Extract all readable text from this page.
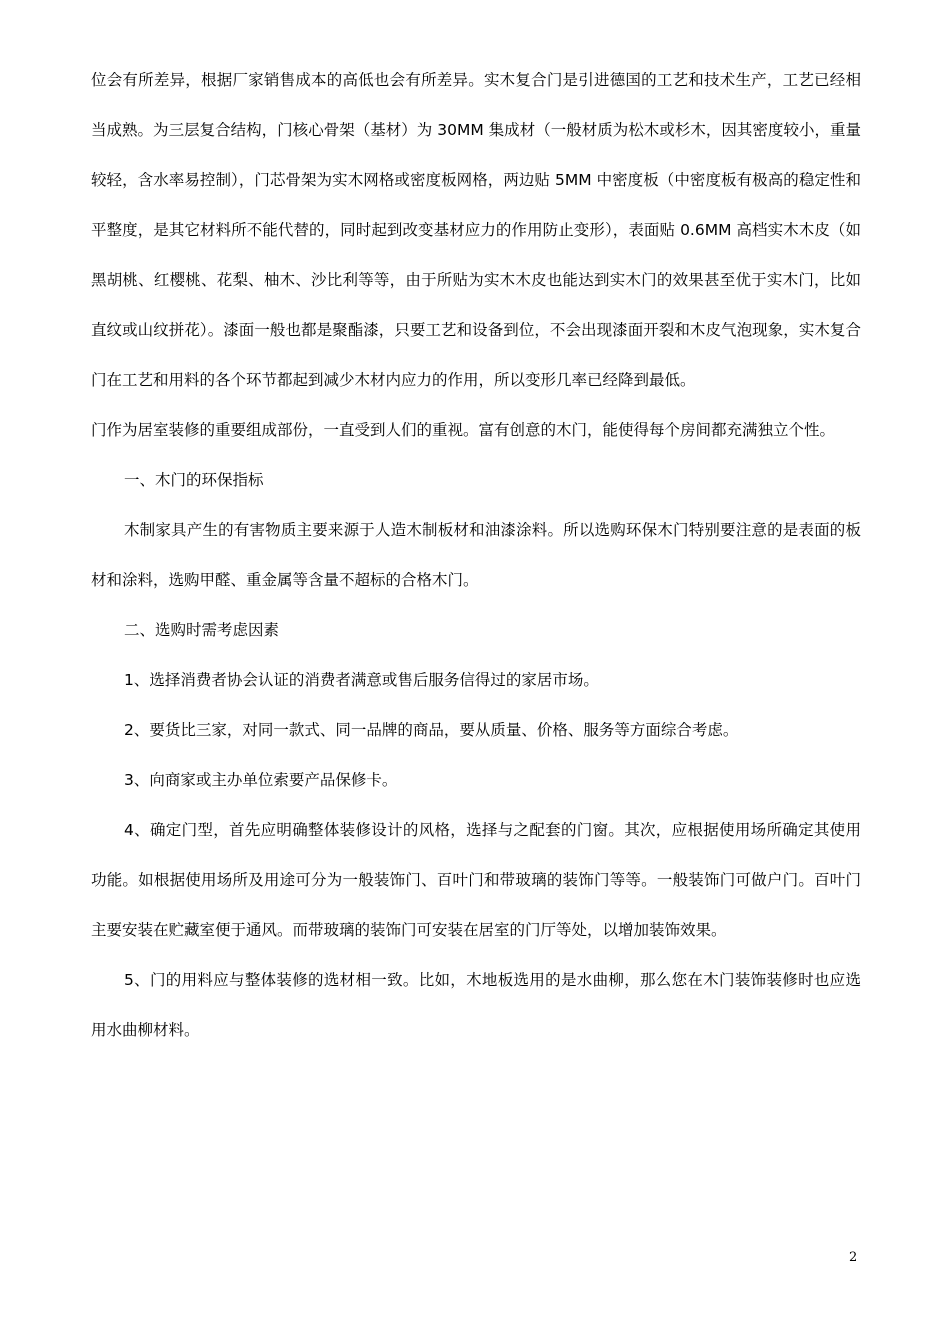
位会有所差异，根据厂家销售成本的高低也会有所差异。实木复合门是引进德国的工艺和技术生产，工艺已经相当成熟。为三层复合结构，门核心骨架（基材）为 30MM 集成材（一般材质为松木或杉木，因其密度较小，重量较轻，含水率易控制），门芯骨架为实木网格或密度板网格，两边贴 5MM 中密度板（中密度板有极高的稳定性和平整度，是其它材料所不能代替的，同时起到改变基材应力的作用防止变形），表面贴 0.6MM 高档实木木皮（如黑胡桃、红樱桃、花梨、柚木、沙比利等等，由于所贴为实木木皮也能达到实木门的效果甚至优于实木门，比如直纹或山纹拼花）。漆面一般也都是聚酯漆，只要工艺和设备到位，不会出现漆面开裂和木皮气泡现象，实木复合门在工艺和用料的各个环节都起到减少木材内应力的作用，所以变形几率已经降到最低。

门作为居室装修的重要组成部份，一直受到人们的重视。富有创意的木门，能使得每个房间都充满独立个性。

一、木门的环保指标

木制家具产生的有害物质主要来源于人造木制板材和油漆涂料。所以选购环保木门特别要注意的是表面的板材和涂料，选购甲醛、重金属等含量不超标的合格木门。

二、选购时需考虑因素

1、选择消费者协会认证的消费者满意或售后服务信得过的家居市场。

2、要货比三家，对同一款式、同一品牌的商品，要从质量、价格、服务等方面综合考虑。

3、向商家或主办单位索要产品保修卡。

4、确定门型，首先应明确整体装修设计的风格，选择与之配套的门窗。其次，应根据使用场所确定其使用功能。如根据使用场所及用途可分为一般装饰门、百叶门和带玻璃的装饰门等等。一般装饰门可做户门。百叶门主要安装在贮藏室便于通风。而带玻璃的装饰门可安装在居室的门厅等处，以增加装饰效果。

5、门的用料应与整体装修的选材相一致。比如，木地板选用的是水曲柳，那么您在木门装饰装修时也应选用水曲柳材料。

2
